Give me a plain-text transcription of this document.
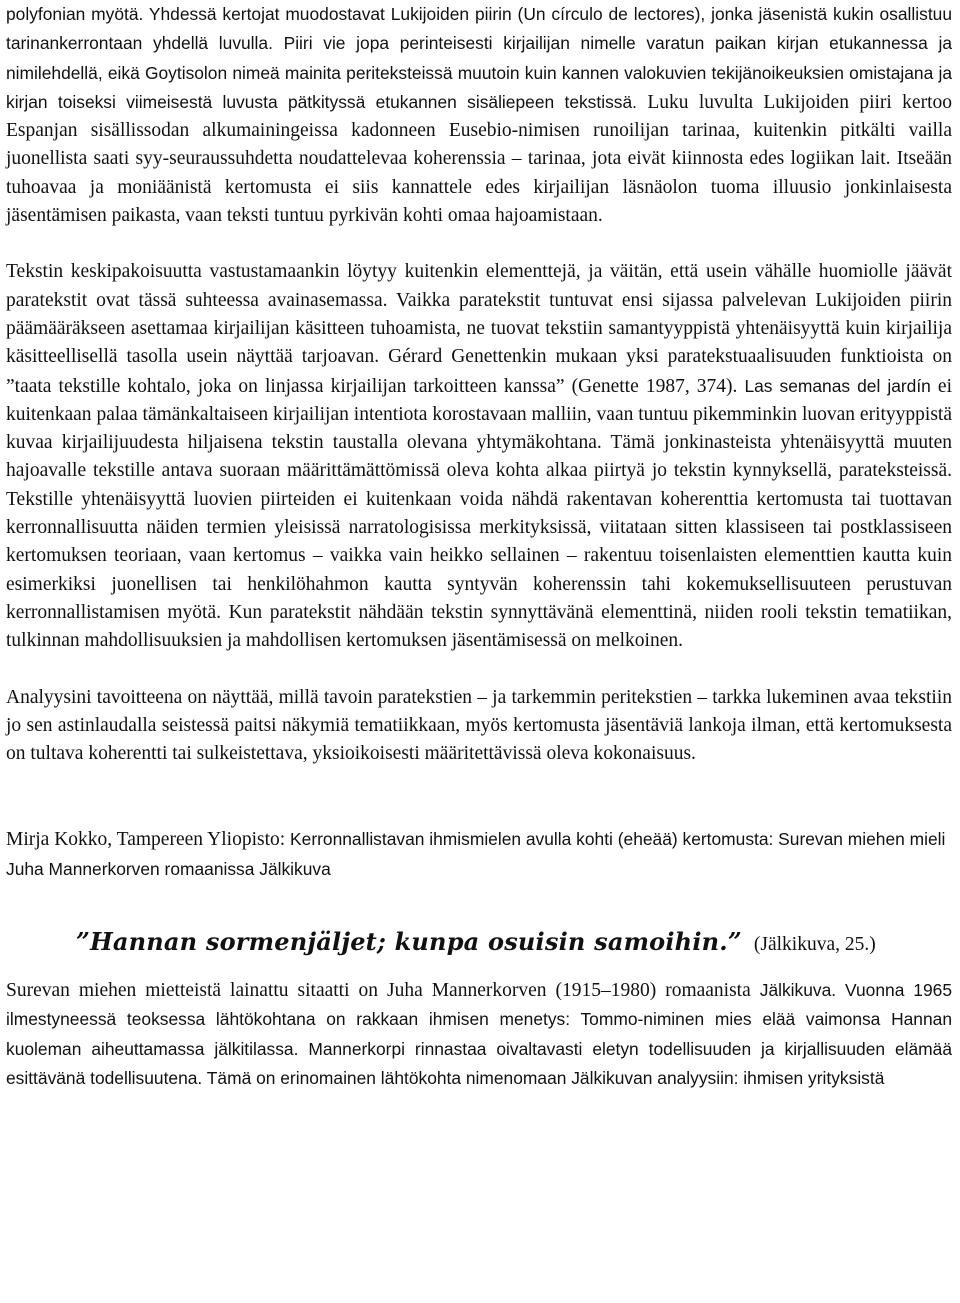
polyfonian myötä. Yhdessä kertojat muodostavat Lukijoiden piirin (Un círculo de lectores), jonka jäsenistä kukin osallistuu tarinankerrontaan yhdellä luvulla. Piiri vie jopa perinteisesti kirjailijan nimelle varatun paikan kirjan etukannessa ja nimilehdellä, eikä Goytisolon nimeä mainita periteksteissä muutoin kuin kannen valokuvien tekijänoikeuksien omistajana ja kirjan toiseksi viimeisestä luvusta pätkityssä etukannen sisäliepeen tekstissä. Luku luvulta Lukijoiden piiri kertoo Espanjan sisällissodan alkumainingeissa kadonneen Eusebio-nimisen runoilijan tarinaa, kuitenkin pitkälti vailla juonellista saati syy-seuraussuhdetta noudattelevaa koherenssia – tarinaa, jota eivät kiinnosta edes logiikan lait. Itseään tuhoavaa ja moniäänistä kertomusta ei siis kannattele edes kirjailijan läsnäolon tuoma illuusio jonkinlaisesta jäsentämisen paikasta, vaan teksti tuntuu pyrkivän kohti omaa hajoamistaan.

Tekstin keskipakoisuutta vastustamaankin löytyy kuitenkin elementtejä, ja väitän, että usein vähälle huomiolle jäävät paratekstit ovat tässä suhteessa avainasemassa. Vaikka paratekstit tuntuvat ensi sijassa palvelevan Lukijoiden piirin päämääräkseen asettamaa kirjailijan käsitteen tuhoamista, ne tuovat tekstiin samantyyppistä yhtenäisyyttä kuin kirjailija käsitteellisellä tasolla usein näyttää tarjoavan. Gérard Genettenkin mukaan yksi paratekstuaalisuuden funktioista on ”taata tekstille kohtalo, joka on linjassa kirjailijan tarkoitteen kanssa” (Genette 1987, 374). Las semanas del jardín ei kuitenkaan palaa tämänkaltaiseen kirjailijan intentiota korostavaan malliin, vaan tuntuu pikemminkin luovan erityyppistä kuvaa kirjailijuudesta hiljaisena tekstin taustalla olevana yhtymäkohtana. Tämä jonkinasteista yhtenäisyyttä muuten hajoavalle tekstille antava suoraan määrittämättömissä oleva kohta alkaa piirtyä jo tekstin kynnyksellä, parateksteissä. Tekstille yhtenäisyyttä luovien piirteiden ei kuitenkaan voida nähdä rakentavan koherenttia kertomusta tai tuottavan kerronnallisuutta näiden termien yleisissä narratologisissa merkityksissä, viitataan sitten klassiseen tai postklassiseen kertomuksen teoriaan, vaan kertomus – vaikka vain heikko sellainen – rakentuu toisenlaisten elementtien kautta kuin esimerkiksi juonellisen tai henkilöhahmon kautta syntyvän koherenssin tahi kokemuksellisuuteen perustuvan kerronnallistamisen myötä. Kun paratekstit nähdään tekstin synnyttävänä elementtinä, niiden rooli tekstin tematiikan, tulkinnan mahdollisuuksien ja mahdollisen kertomuksen jäsentämisessä on melkoinen.

Analyysini tavoitteena on näyttää, millä tavoin paratekstien – ja tarkemmin peritekstien – tarkka lukeminen avaa tekstiin jo sen astinlaudalla seistessä paitsi näkymiä tematiikkaan, myös kertomusta jäsentäviä lankoja ilman, että kertomuksesta on tultava koherentti tai sulkeistettava, yksioikoisesti määritettävissä oleva kokonaisuus.

Mirja Kokko, Tampereen Yliopisto: Kerronnallistavan ihmismielen avulla kohti (eheää) kertomusta: Surevan miehen mieli Juha Mannerkorven romaanissa Jälkikuva

”Hannan sormenjäljet; kunpa osuisin samoihin.” (Jälkikuva, 25.)

Surevan miehen mietteistä lainattu sitaatti on Juha Mannerkorven (1915–1980) romaanista Jälkikuva. Vuonna 1965 ilmestyneessä teoksessa lähtökohtana on rakkaan ihmisen menetys: Tommo-niminen mies elää vaimonsa Hannan kuoleman aiheuttamassa jälkitilassa. Mannerkorpi rinnastaa oivaltavasti eletyn todellisuuden ja kirjallisuuden elämää esittävänä todellisuutena. Tämä on erinomainen lähtökohta nimenomaan Jälkikuvan analyysiin: ihmisen yrityksistä
